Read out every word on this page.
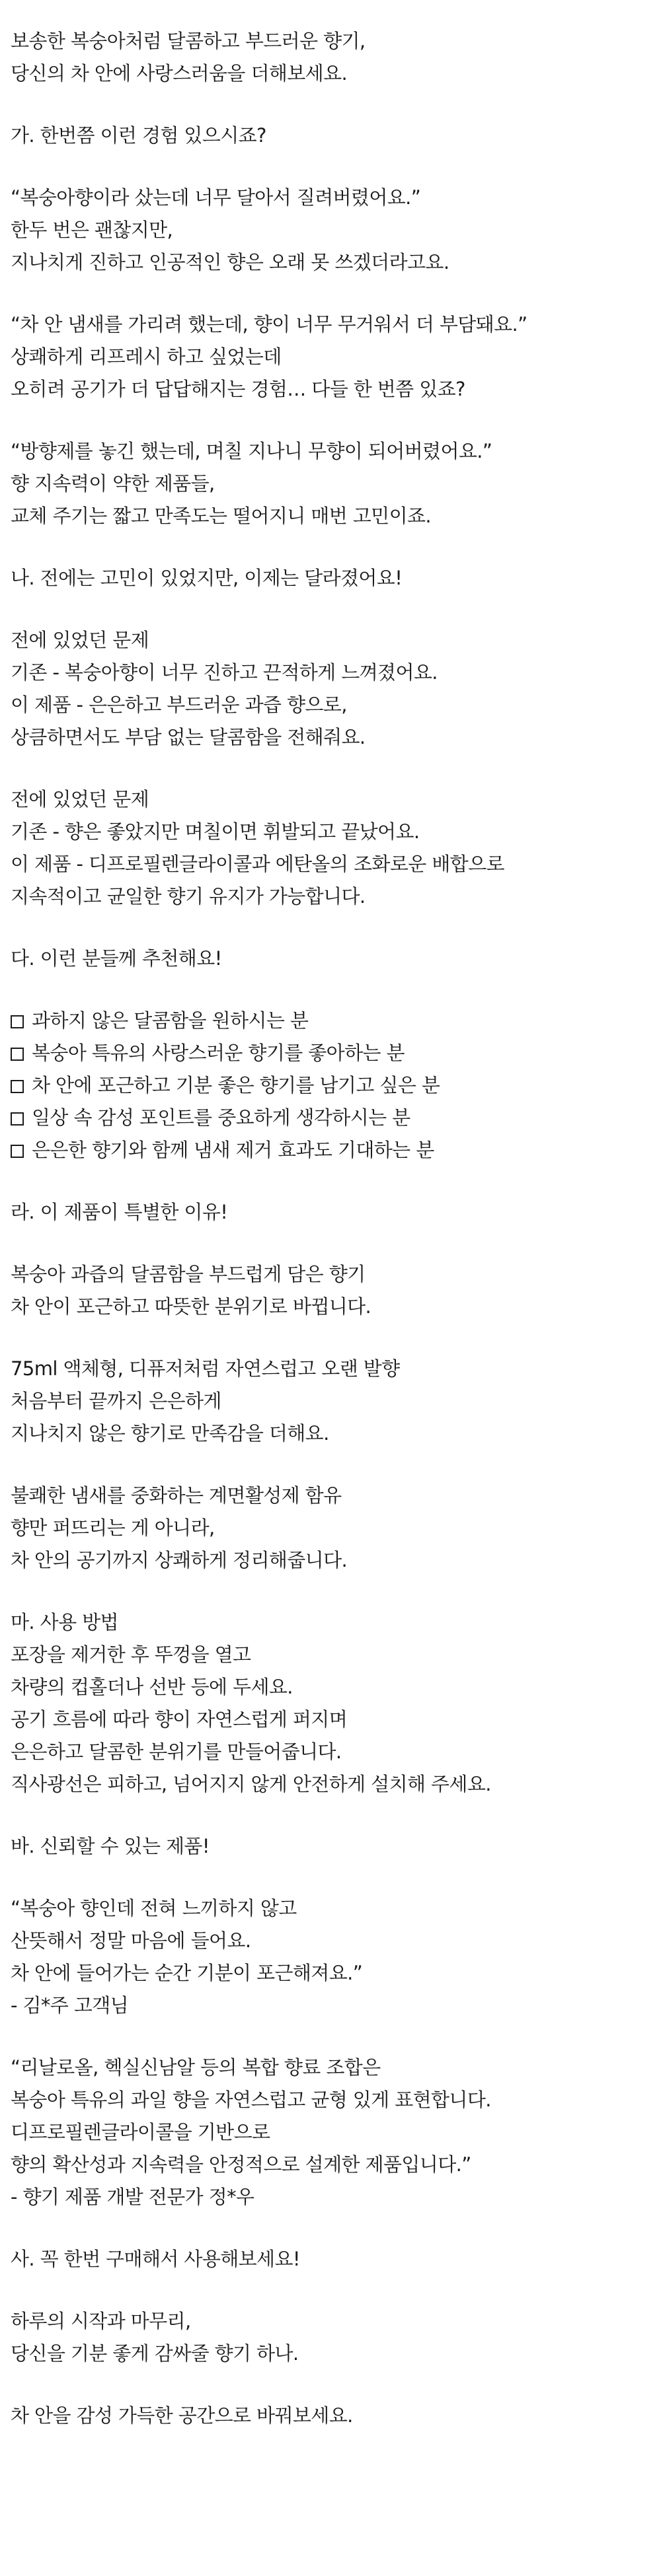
보송한 복숭아처럼 달콤하고 부드러운 향기,
당신의 차 안에 사랑스러움을 더해보세요.
가. 한번쯤 이런 경험 있으시죠?
“복숭아향이라 샀는데 너무 달아서 질려버렸어요.”
한두 번은 괜찮지만,
지나치게 진하고 인공적인 향은 오래 못 쓰겠더라고요.
“차 안 냄새를 가리려 했는데, 향이 너무 무거워서 더 부담돼요.”
상쾌하게 리프레시 하고 싶었는데
오히려 공기가 더 답답해지는 경험… 다들 한 번쯤 있죠?
“방향제를 놓긴 했는데, 며칠 지나니 무향이 되어버렸어요.”
향 지속력이 약한 제품들,
교체 주기는 짧고 만족도는 떨어지니 매번 고민이죠.
나. 전에는 고민이 있었지만, 이제는 달라졌어요!
전에 있었던 문제
기존 - 복숭아향이 너무 진하고 끈적하게 느껴졌어요.
이 제품 - 은은하고 부드러운 과즙 향으로,
상큼하면서도 부담 없는 달콤함을 전해줘요.
전에 있었던 문제
기존 - 향은 좋았지만 며칠이면 휘발되고 끝났어요.
이 제품 - 디프로필렌글라이콜과 에탄올의 조화로운 배합으로
지속적이고 균일한 향기 유지가 가능합니다.
다. 이런 분들께 추천해요!
과하지 않은 달콤함을 원하시는 분
복숭아 특유의 사랑스러운 향기를 좋아하는 분
차 안에 포근하고 기분 좋은 향기를 남기고 싶은 분
일상 속 감성 포인트를 중요하게 생각하시는 분
은은한 향기와 함께 냄새 제거 효과도 기대하는 분
라. 이 제품이 특별한 이유!
복숭아 과즙의 달콤함을 부드럽게 담은 향기
차 안이 포근하고 따뜻한 분위기로 바뀝니다.
75ml 액체형, 디퓨저처럼 자연스럽고 오랜 발향
처음부터 끝까지 은은하게
지나치지 않은 향기로 만족감을 더해요.
불쾌한 냄새를 중화하는 계면활성제 함유
향만 퍼뜨리는 게 아니라,
차 안의 공기까지 상쾌하게 정리해줍니다.
마. 사용 방법
포장을 제거한 후 뚜껑을 열고
차량의 컵홀더나 선반 등에 두세요.
공기 흐름에 따라 향이 자연스럽게 퍼지며
은은하고 달콤한 분위기를 만들어줍니다.
직사광선은 피하고, 넘어지지 않게 안전하게 설치해 주세요.
바. 신뢰할 수 있는 제품!
“복숭아 향인데 전혀 느끼하지 않고
산뜻해서 정말 마음에 들어요.
차 안에 들어가는 순간 기분이 포근해져요.”
- 김*주 고객님
“리날로올, 헥실신남알 등의 복합 향료 조합은
복숭아 특유의 과일 향을 자연스럽고 균형 있게 표현합니다.
디프로필렌글라이콜을 기반으로
향의 확산성과 지속력을 안정적으로 설계한 제품입니다.”
- 향기 제품 개발 전문가 정*우
사. 꼭 한번 구매해서 사용해보세요!
하루의 시작과 마무리,
당신을 기분 좋게 감싸줄 향기 하나.
차 안을 감성 가득한 공간으로 바꿔보세요.
